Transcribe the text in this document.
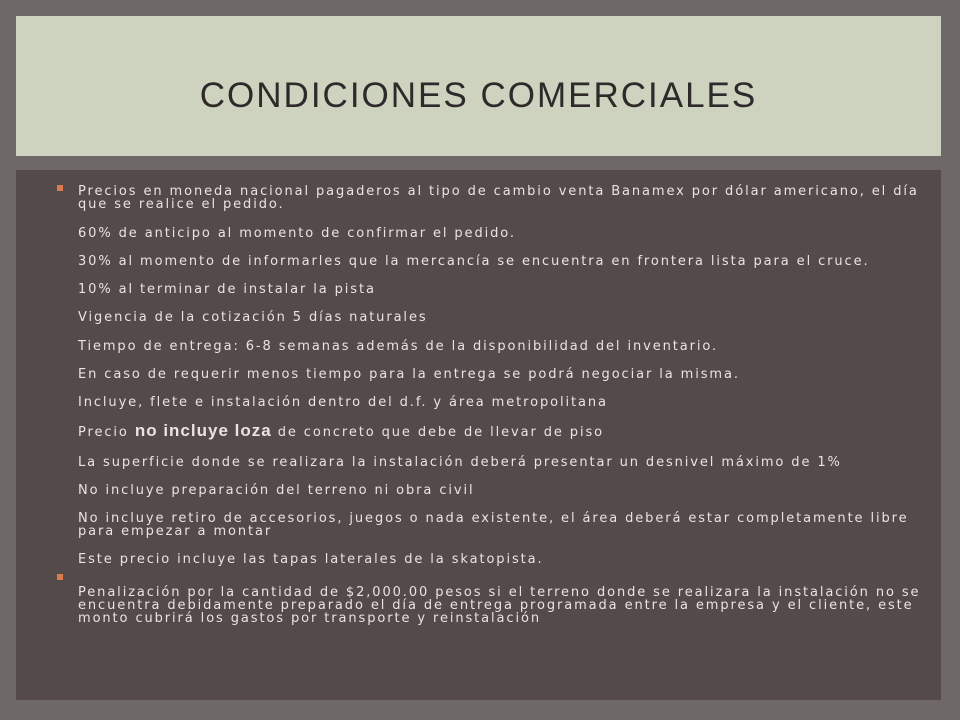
CONDICIONES COMERCIALES

Precios en moneda nacional pagaderos al tipo de cambio venta Banamex por dólar americano, el día que se realice el pedido.

60% de anticipo al momento de confirmar el pedido.

30% al momento de informarles que la mercancía se encuentra en frontera lista para el cruce.

10% al terminar de instalar la pista

Vigencia de la cotización 5 días naturales

Tiempo de entrega: 6-8 semanas además de la disponibilidad del inventario.

En caso de requerir menos tiempo para la entrega se podrá negociar la misma.

Incluye, flete e instalación dentro del d.f. y área metropolitana

Precio no incluye loza de concreto que debe de llevar de piso

La superficie donde se realizara la instalación deberá presentar un desnivel máximo de 1%

No incluye preparación del terreno ni obra civil

No incluye retiro de accesorios, juegos o nada existente, el área deberá estar completamente libre para empezar a montar

Este precio incluye las tapas laterales de la skatopista.

Penalización por la cantidad de $2,000.00 pesos si el terreno donde se realizara la instalación no se encuentra debidamente preparado el día de entrega programada entre la empresa y el cliente, este monto cubrirá los gastos por transporte y reinstalación
